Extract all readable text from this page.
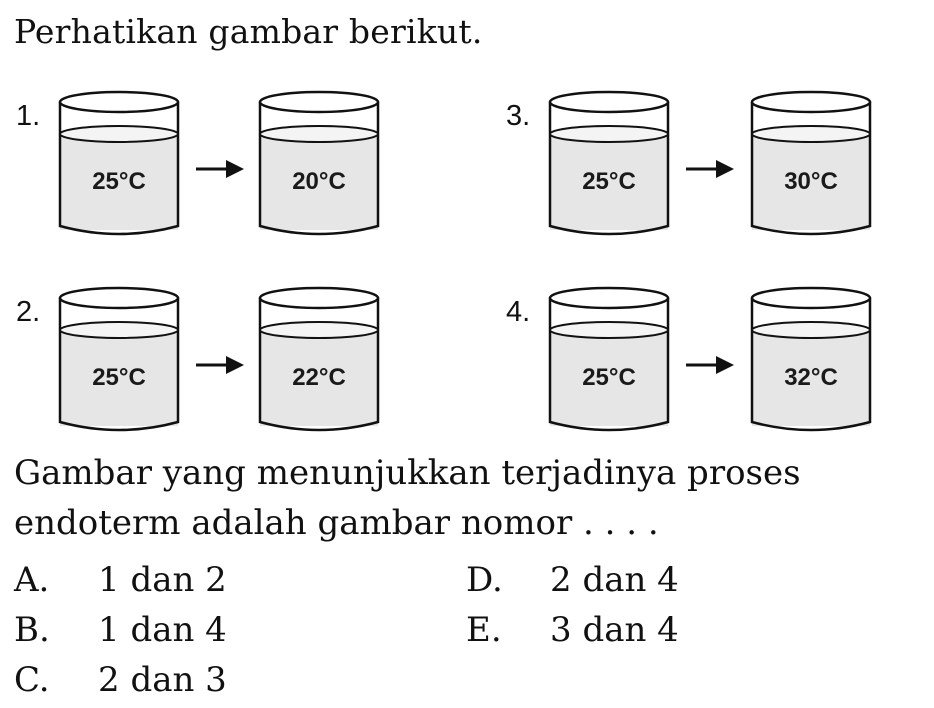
Perhatikan gambar berikut.
1.
25°C	20°C
2.
25°C	22°C
3.
25°C	30°C
4.
25°C	32°C
Gambar yang menunjukkan terjadinya proses
endoterm adalah gambar nomor . . . .
A. 1 dan 2
B. 1 dan 4
C. 2 dan 3
D. 2 dan 4
E. 3 dan 4
